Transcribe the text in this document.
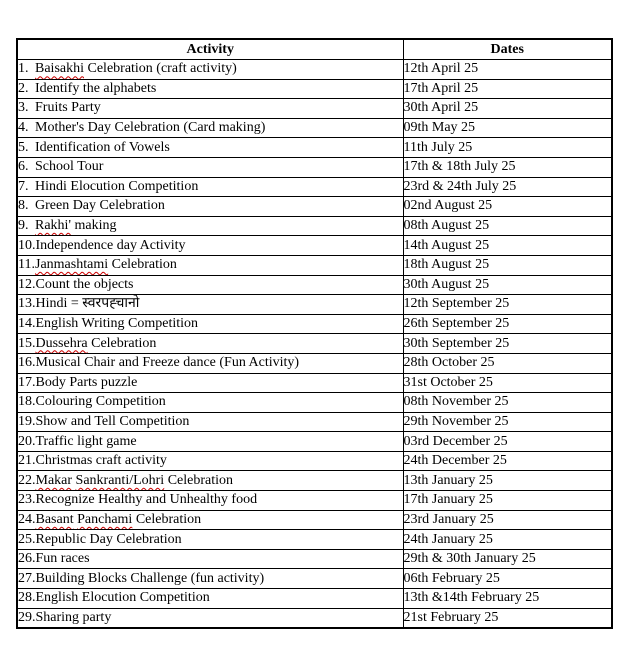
Activity	Dates
1. Baisakhi Celebration (craft activity)	12th April 25
2. Identify the alphabets	17th April 25
3. Fruits Party	30th April 25
4. Mother's Day Celebration (Card making)	09th May 25
5. Identification of Vowels	11th July 25
6. School Tour	17th & 18th July 25
7. Hindi Elocution Competition	23rd & 24th July 25
8. Green Day Celebration	02nd August 25
9. Rakhi' making	08th August 25
10.Independence day Activity	14th August 25
11.Janmashtami Celebration	18th August 25
12.Count the objects	30th August 25
13.Hindi = स्वरपह्चानो	12th September 25
14.English Writing Competition	26th September 25
15.Dussehra Celebration	30th September 25
16.Musical Chair and Freeze dance (Fun Activity)	28th October 25
17.Body Parts puzzle	31st October 25
18.Colouring Competition	08th November 25
19.Show and Tell Competition	29th November 25
20.Traffic light game	03rd December 25
21.Christmas craft activity	24th December 25
22.Makar Sankranti/Lohri Celebration	13th January 25
23.Recognize Healthy and Unhealthy food	17th January 25
24.Basant Panchami Celebration	23rd January 25
25.Republic Day Celebration	24th January 25
26.Fun races	29th & 30th January 25
27.Building Blocks Challenge (fun activity)	06th February 25
28.English Elocution Competition	13th &14th February 25
29.Sharing party	21st February 25
